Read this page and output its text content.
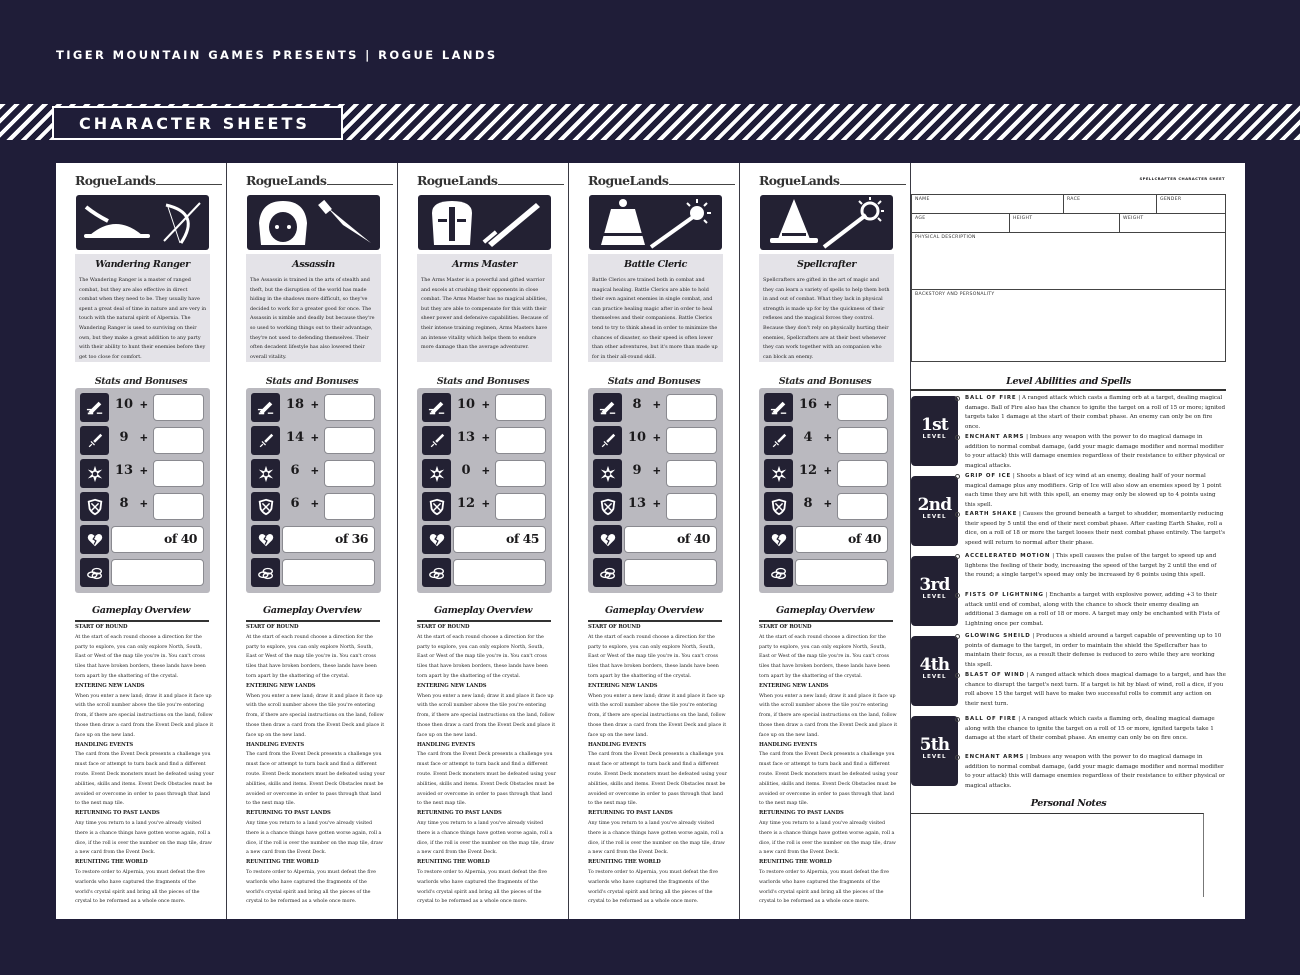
TIGER MOUNTAIN GAMES PRESENTS | ROGUE LANDS
CHARACTER SHEETS
RogueLands
Spellcrafter
Spellcrafters are gifted in the art of magic and they can learn a variety of spells to help them both in and out of combat. What they lack in physical strength is made up for by the quickness of their reflexes and the magical forces they control. Because they don't rely on physically hurting their enemies, Spellcrafters are at their best whenever they can work together with an companion who can block an enemy.
Stats and Bonuses
16 +
4 +
12 +
8 +
of 40
Gameplay Overview
START OF ROUND
At the start of each round choose a direction for the party to explore, you can only explore North, South, East or West of the map tile you're in. You can't cross tiles that have broken borders, these lands have been torn apart by the shattering of the crystal.
ENTERING NEW LANDS
When you enter a new land; draw it and place it face up with the scroll number above the tile you're entering from, if there are special instructions on the land, follow those then draw a card from the Event Deck and place it face up on the new land.
HANDLING EVENTS
The card from the Event Deck presents a challenge you must face or attempt to turn back and find a different route. Event Deck monsters must be defeated using your abilities, skills and items. Event Deck Obstacles must be avoided or overcome in order to pass through that land to the next map tile.
RETURNING TO PAST LANDS
Any time you return to a land you've already visited there is a chance things have gotten worse again, roll a dice, if the roll is over the number on the map tile, draw a new card from the Event Deck.
REUNITING THE WORLD
To restore order to Alpernia, you must defeat the five warlords who have captured the fragments of the world's crystal spirit and bring all the pieces of the crystal to be reformed as a whole once more.
RogueLands
Battle Cleric
Battle Clerics are trained both in combat and magical healing. Battle Clerics are able to hold their own against enemies in single combat, and can practice healing magic after in order to heal themselves and their companions. Battle Clerics tend to try to think ahead in order to minimize the chances of disaster, so their speed is often lower than other adventures, but it's more than made up for in their all-round skill.
Stats and Bonuses
8 +
10 +
9 +
13 +
of 40
Gameplay Overview
START OF ROUND
At the start of each round choose a direction for the party to explore, you can only explore North, South, East or West of the map tile you're in. You can't cross tiles that have broken borders, these lands have been torn apart by the shattering of the crystal.
ENTERING NEW LANDS
When you enter a new land; draw it and place it face up with the scroll number above the tile you're entering from, if there are special instructions on the land, follow those then draw a card from the Event Deck and place it face up on the new land.
HANDLING EVENTS
The card from the Event Deck presents a challenge you must face or attempt to turn back and find a different route. Event Deck monsters must be defeated using your abilities, skills and items. Event Deck Obstacles must be avoided or overcome in order to pass through that land to the next map tile.
RETURNING TO PAST LANDS
Any time you return to a land you've already visited there is a chance things have gotten worse again, roll a dice, if the roll is over the number on the map tile, draw a new card from the Event Deck.
REUNITING THE WORLD
To restore order to Alpernia, you must defeat the five warlords who have captured the fragments of the world's crystal spirit and bring all the pieces of the crystal to be reformed as a whole once more.
RogueLands
Arms Master
The Arms Master is a powerful and gifted warrior and excels at crushing their opponents in close combat. The Arms Master has no magical abilities, but they are able to compensate for this with their sheer power and defensive capabilities. Because of their intense training regimen, Arms Masters have an intense vitality which helps them to endure more damage than the average adventurer.
Stats and Bonuses
10 +
13 +
0 +
12 +
of 45
Gameplay Overview
START OF ROUND
At the start of each round choose a direction for the party to explore, you can only explore North, South, East or West of the map tile you're in. You can't cross tiles that have broken borders, these lands have been torn apart by the shattering of the crystal.
ENTERING NEW LANDS
When you enter a new land; draw it and place it face up with the scroll number above the tile you're entering from, if there are special instructions on the land, follow those then draw a card from the Event Deck and place it face up on the new land.
HANDLING EVENTS
The card from the Event Deck presents a challenge you must face or attempt to turn back and find a different route. Event Deck monsters must be defeated using your abilities, skills and items. Event Deck Obstacles must be avoided or overcome in order to pass through that land to the next map tile.
RETURNING TO PAST LANDS
Any time you return to a land you've already visited there is a chance things have gotten worse again, roll a dice, if the roll is over the number on the map tile, draw a new card from the Event Deck.
REUNITING THE WORLD
To restore order to Alpernia, you must defeat the five warlords who have captured the fragments of the world's crystal spirit and bring all the pieces of the crystal to be reformed as a whole once more.
RogueLands
Assassin
The Assassin is trained in the arts of stealth and theft, but the disruption of the world has made hiding in the shadows more difficult, so they've decided to work for a greater good for once. The Assassin is nimble and deadly but because they're so used to working things out to their advantage, they're not used to defending themselves. Their often decadent lifestyle has also lowered their overall vitality.
Stats and Bonuses
18 +
14 +
6 +
6 +
of 36
Gameplay Overview
START OF ROUND
At the start of each round choose a direction for the party to explore, you can only explore North, South, East or West of the map tile you're in. You can't cross tiles that have broken borders, these lands have been torn apart by the shattering of the crystal.
ENTERING NEW LANDS
When you enter a new land; draw it and place it face up with the scroll number above the tile you're entering from, if there are special instructions on the land, follow those then draw a card from the Event Deck and place it face up on the new land.
HANDLING EVENTS
The card from the Event Deck presents a challenge you must face or attempt to turn back and find a different route. Event Deck monsters must be defeated using your abilities, skills and items. Event Deck Obstacles must be avoided or overcome in order to pass through that land to the next map tile.
RETURNING TO PAST LANDS
Any time you return to a land you've already visited there is a chance things have gotten worse again, roll a dice, if the roll is over the number on the map tile, draw a new card from the Event Deck.
REUNITING THE WORLD
To restore order to Alpernia, you must defeat the five warlords who have captured the fragments of the world's crystal spirit and bring all the pieces of the crystal to be reformed as a whole once more.
RogueLands
Wandering Ranger
The Wandering Ranger is a master of ranged combat, but they are also effective in direct combat when they need to be. They usually have spent a great deal of time in nature and are very in touch with the natural spirit of Alpernia. The Wandering Ranger is used to surviving on their own, but they make a great addition to any party with their ability to hunt their enemies before they get too close for comfort.
Stats and Bonuses
10 +
9 +
13 +
8 +
of 40
Gameplay Overview
START OF ROUND
At the start of each round choose a direction for the party to explore, you can only explore North, South, East or West of the map tile you're in. You can't cross tiles that have broken borders, these lands have been torn apart by the shattering of the crystal.
ENTERING NEW LANDS
When you enter a new land; draw it and place it face up with the scroll number above the tile you're entering from, if there are special instructions on the land, follow those then draw a card from the Event Deck and place it face up on the new land.
HANDLING EVENTS
The card from the Event Deck presents a challenge you must face or attempt to turn back and find a different route. Event Deck monsters must be defeated using your abilities, skills and items. Event Deck Obstacles must be avoided or overcome in order to pass through that land to the next map tile.
RETURNING TO PAST LANDS
Any time you return to a land you've already visited there is a chance things have gotten worse again, roll a dice, if the roll is over the number on the map tile, draw a new card from the Event Deck.
REUNITING THE WORLD
To restore order to Alpernia, you must defeat the five warlords who have captured the fragments of the world's crystal spirit and bring all the pieces of the crystal to be reformed as a whole once more.
SPELLCRAFTER CHARACTER SHEET
NAME	RACE	GENDER
AGE	HEIGHT	WEIGHT
PHYSICAL DESCRIPTION
BACKSTORY AND PERSONALITY
Level Abilities and Spells
1st
LEVEL
BALL OF FIRE | A ranged attack which casts a flaming orb at a target, dealing magical damage. Ball of Fire also has the chance to ignite the target on a roll of 15 or more; ignited targets take 1 damage at the start of their combat phase. An enemy can only be on fire once.
ENCHANT ARMS | Imbues any weapon with the power to do magical damage in addition to normal combat damage, (add your magic damage modifier and normal modifier to your attack) this will damage enemies regardless of their resistance to either physical or magical attacks.
2nd
LEVEL
GRIP OF ICE | Shoots a blast of icy wind at an enemy, dealing half of your normal magical damage plus any modifiers. Grip of Ice will also slow an enemies speed by 1 point each time they are hit with this spell, an enemy may only be slowed up to 4 points using this spell.
EARTH SHAKE | Causes the ground beneath a target to shudder, momentarily reducing their speed by 5 until the end of their next combat phase. After casting Earth Shake, roll a dice, on a roll of 18 or more the target looses their next combat phase entirely. The target's speed will return to normal after their phase.
3rd
LEVEL
ACCELERATED MOTION | This spell causes the pulse of the target to speed up and lightens the feeling of their body, increasing the speed of the target by 2 until the end of the round; a single target's speed may only be increased by 6 points using this spell.
FISTS OF LIGHTNING | Enchants a target with explosive power, adding +3 to their attack until end of combat, along with the chance to shock their enemy dealing an additional 3 damage on a roll of 18 or more. A target may only be enchanted with Fists of Lightning once per combat.
4th
LEVEL
GLOWING SHEILD | Produces a shield around a target capable of preventing up to 10 points of damage to the target, in order to maintain the shield the Spellcrafter has to maintain their focus, as a result their defense is reduced to zero while they are working this spell.
BLAST OF WIND | A ranged attack which does magical damage to a target, and has the chance to disrupt the target's next turn. If a target is hit by blast of wind, roll a dice, if you roll above 15 the target will have to make two successful rolls to commit any action on their next turn.
5th
LEVEL
BALL OF FIRE | A ranged attack which casts a flaming orb, dealing magical damage along with the chance to ignite the target on a roll of 15 or more, ignited targets take 1 damage at the start of their combat phase. An enemy can only be on fire once.
ENCHANT ARMS | Imbues any weapon with the power to do magical damage in addition to normal combat damage, (add your magic damage modifier and normal modifier to your attack) this will damage enemies regardless of their resistance to either physical or magical attacks.
Personal Notes
